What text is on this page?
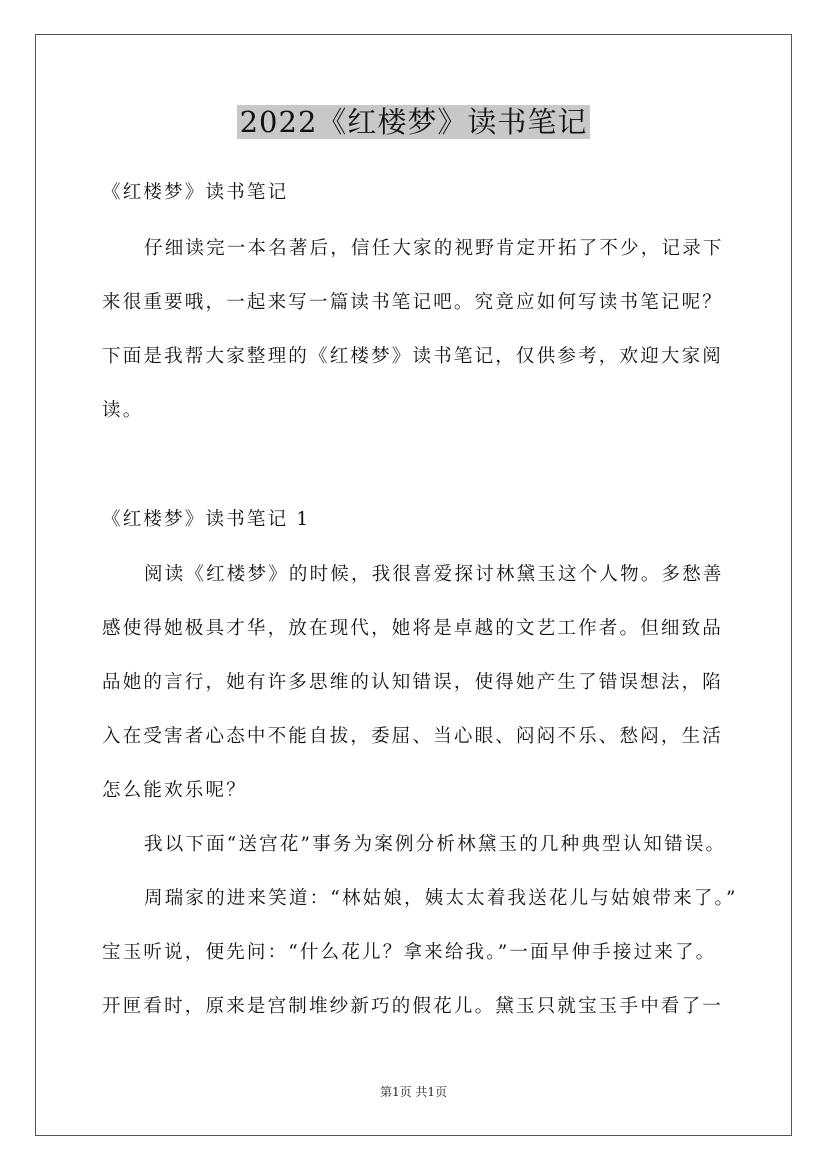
2022《红楼梦》读书笔记
《红楼梦》读书笔记
仔细读完一本名著后，信任大家的视野肯定开拓了不少，记录下
来很重要哦，一起来写一篇读书笔记吧。究竟应如何写读书笔记呢？
下面是我帮大家整理的《红楼梦》读书笔记，仅供参考，欢迎大家阅
读。
《红楼梦》读书笔记 1
阅读《红楼梦》的时候，我很喜爱探讨林黛玉这个人物。多愁善
感使得她极具才华，放在现代，她将是卓越的文艺工作者。但细致品
品她的言行，她有许多思维的认知错误，使得她产生了错误想法，陷
入在受害者心态中不能自拔，委屈、当心眼、闷闷不乐、愁闷，生活
怎么能欢乐呢？
我以下面“送宫花”事务为案例分析林黛玉的几种典型认知错误。
周瑞家的进来笑道：“林姑娘，姨太太着我送花儿与姑娘带来了。”
宝玉听说，便先问：“什么花儿？拿来给我。”一面早伸手接过来了。
开匣看时，原来是宫制堆纱新巧的假花儿。黛玉只就宝玉手中看了一
第1页 共1页
